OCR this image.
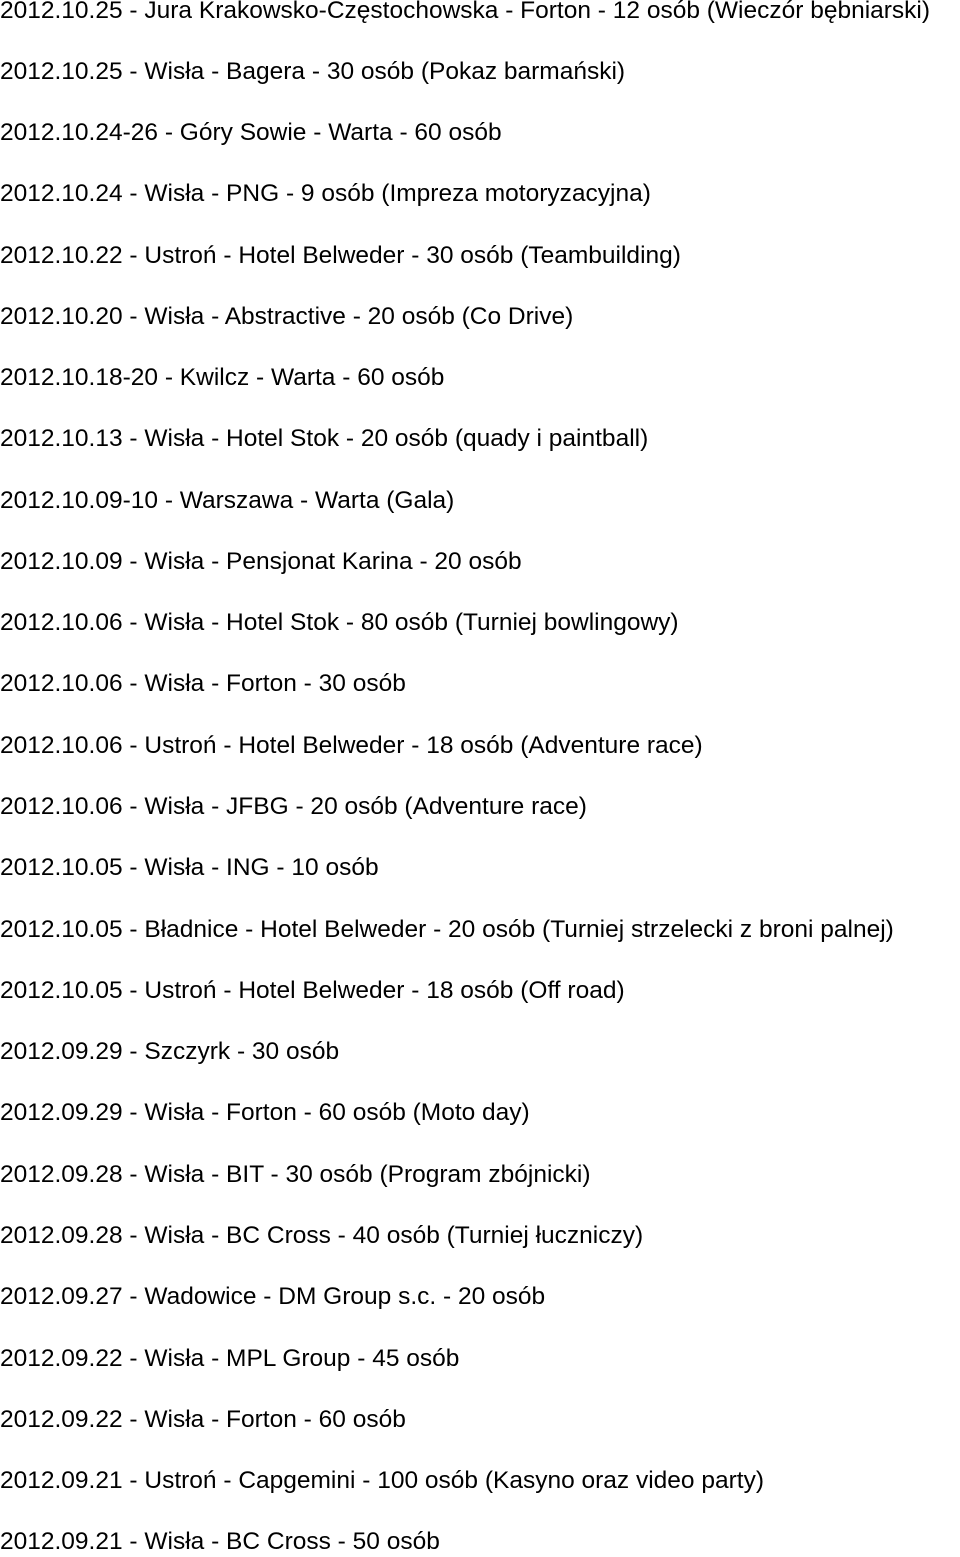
2012.10.25 - Jura Krakowsko-Częstochowska - Forton - 12 osób (Wieczór bębniarski)
2012.10.25 - Wisła - Bagera - 30 osób (Pokaz barmański)
2012.10.24-26 - Góry Sowie - Warta - 60 osób
2012.10.24 - Wisła - PNG - 9 osób (Impreza motoryzacyjna)
2012.10.22 - Ustroń - Hotel Belweder - 30 osób (Teambuilding)
2012.10.20 - Wisła - Abstractive - 20 osób (Co Drive)
2012.10.18-20 - Kwilcz - Warta - 60 osób
2012.10.13 - Wisła - Hotel Stok - 20 osób (quady i paintball)
2012.10.09-10 - Warszawa - Warta (Gala)
2012.10.09 - Wisła - Pensjonat Karina - 20 osób
2012.10.06 - Wisła - Hotel Stok - 80 osób (Turniej bowlingowy)
2012.10.06 - Wisła - Forton - 30 osób
2012.10.06 - Ustroń - Hotel Belweder - 18 osób (Adventure race)
2012.10.06 - Wisła - JFBG - 20 osób (Adventure race)
2012.10.05 - Wisła - ING - 10 osób
2012.10.05 - Bładnice - Hotel Belweder - 20 osób (Turniej strzelecki z broni palnej)
2012.10.05 - Ustroń - Hotel Belweder - 18 osób (Off road)
2012.09.29 - Szczyrk - 30 osób
2012.09.29 - Wisła - Forton - 60 osób (Moto day)
2012.09.28 - Wisła - BIT - 30 osób (Program zbójnicki)
2012.09.28 - Wisła - BC Cross - 40 osób (Turniej łuczniczy)
2012.09.27 - Wadowice - DM Group s.c. - 20 osób
2012.09.22 - Wisła - MPL Group - 45 osób
2012.09.22 - Wisła - Forton - 60 osób
2012.09.21 - Ustroń - Capgemini - 100 osób (Kasyno oraz video party)
2012.09.21 - Wisła - BC Cross - 50 osób
